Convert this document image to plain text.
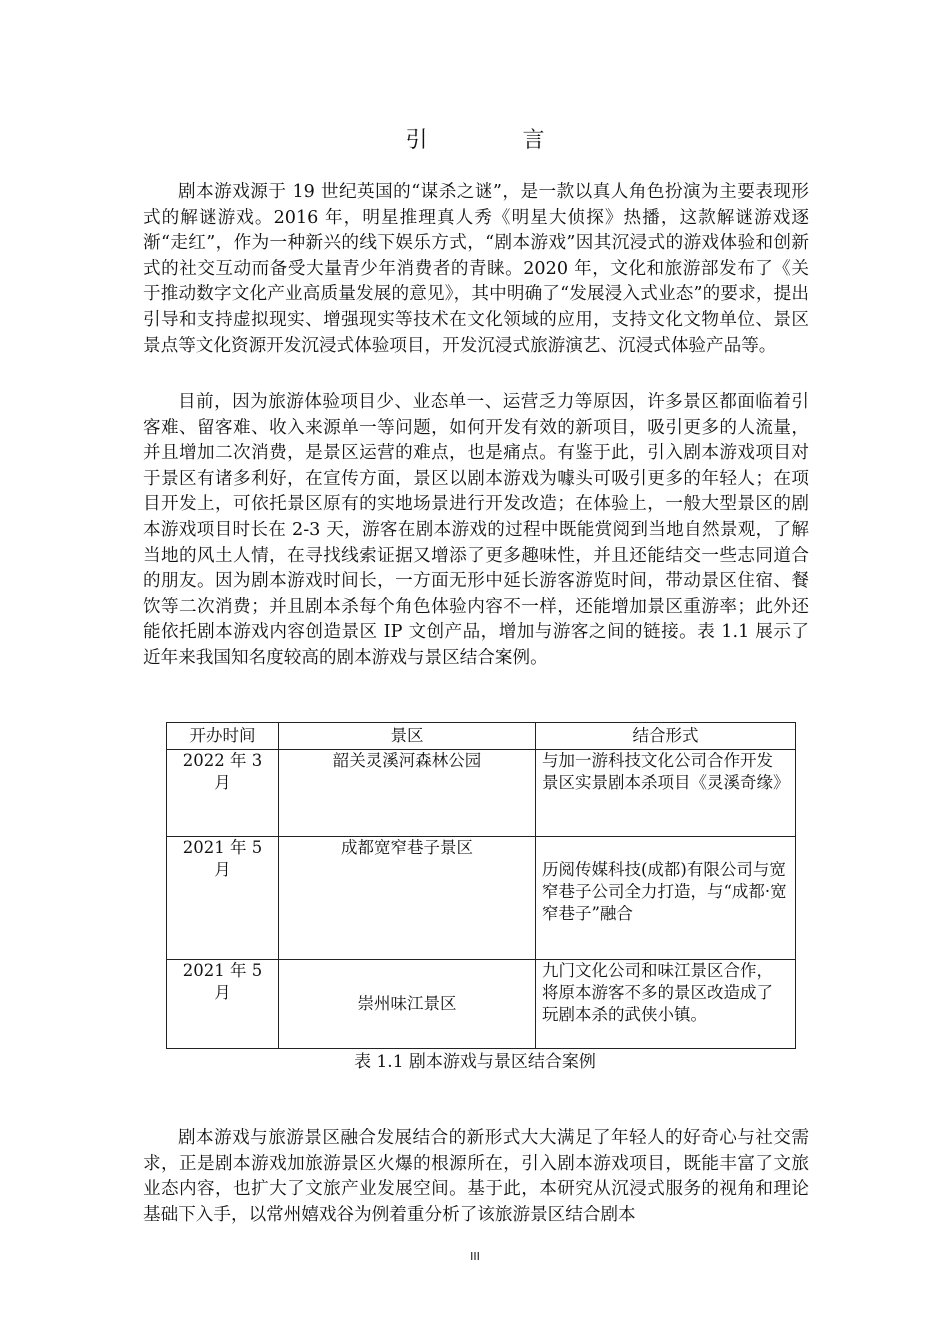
引 言

剧本游戏源于 19 世纪英国的“谋杀之谜”，是一款以真人角色扮演为主要表现形式的解谜游戏。2016 年，明星推理真人秀《明星大侦探》热播，这款解谜游戏逐渐“走红”，作为一种新兴的线下娱乐方式，“剧本游戏”因其沉浸式的游戏体验和创新式的社交互动而备受大量青少年消费者的青睐。2020 年，文化和旅游部发布了《关于推动数字文化产业高质量发展的意见》，其中明确了“发展浸入式业态”的要求，提出引导和支持虚拟现实、增强现实等技术在文化领域的应用，支持文化文物单位、景区景点等文化资源开发沉浸式体验项目，开发沉浸式旅游演艺、沉浸式体验产品等。

目前，因为旅游体验项目少、业态单一、运营乏力等原因，许多景区都面临着引客难、留客难、收入来源单一等问题，如何开发有效的新项目，吸引更多的人流量，并且增加二次消费，是景区运营的难点，也是痛点。有鉴于此，引入剧本游戏项目对于景区有诸多利好，在宣传方面，景区以剧本游戏为噱头可吸引更多的年轻人；在项目开发上，可依托景区原有的实地场景进行开发改造；在体验上，一般大型景区的剧本游戏项目时长在 2-3 天，游客在剧本游戏的过程中既能赏阅到当地自然景观，了解当地的风土人情，在寻找线索证据又增添了更多趣味性，并且还能结交一些志同道合的朋友。因为剧本游戏时间长，一方面无形中延长游客游览时间，带动景区住宿、餐饮等二次消费；并且剧本杀每个角色体验内容不一样，还能增加景区重游率；此外还能依托剧本游戏内容创造景区 IP 文创产品，增加与游客之间的链接。表 1.1 展示了近年来我国知名度较高的剧本游戏与景区结合案例。

开办时间	景区	结合形式
2022 年 3 月	韶关灵溪河森林公园	与加一游科技文化公司合作开发
景区实景剧本杀项目《灵溪奇缘》
2021 年 5 月	成都宽窄巷子景区	历阅传媒科技(成都)有限公司与宽窄巷子公司全力打造，与“成都·宽窄巷子”融合
2021 年 5 月	崇州味江景区	九门文化公司和味江景区合作，
将原本游客不多的景区改造成了玩剧本杀的武侠小镇。
表 1.1 剧本游戏与景区结合案例

剧本游戏与旅游景区融合发展结合的新形式大大满足了年轻人的好奇心与社交需求，正是剧本游戏加旅游景区火爆的根源所在，引入剧本游戏项目，既能丰富了文旅业态内容，也扩大了文旅产业发展空间。基于此，本研究从沉浸式服务的视角和理论基础下入手，以常州嬉戏谷为例着重分析了该旅游景区结合剧本

III
